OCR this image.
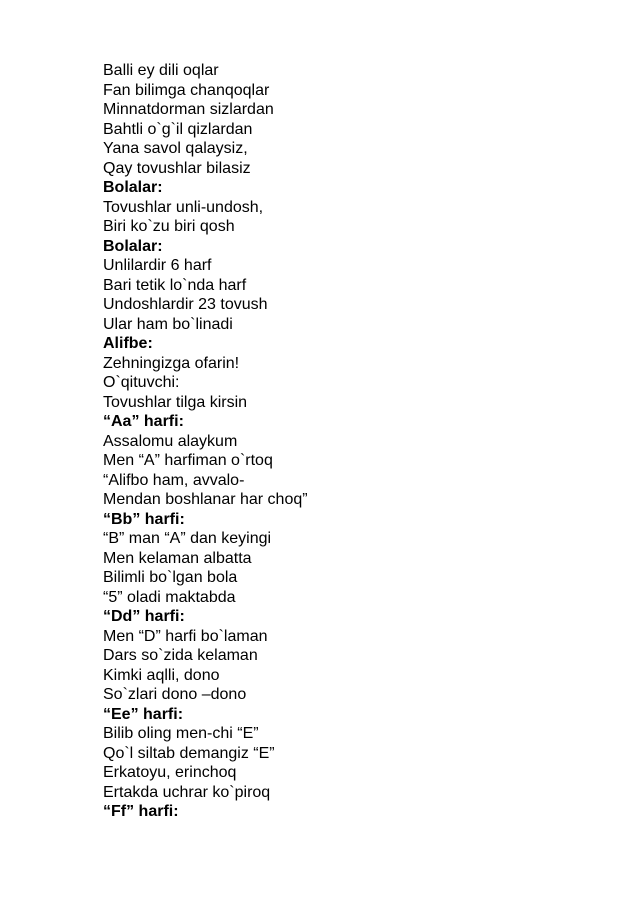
Balli ey dili oqlar
Fan bilimga chanqoqlar
Minnatdorman sizlardan
Bahtli o`g`il qizlardan
Yana savol qalaysiz,
Qay tovushlar bilasiz
Bolalar:
Tovushlar unli-undosh,
Biri ko`zu biri qosh
Bolalar:
Unlilardir 6 harf
Bari tetik lo`nda harf
Undoshlardir 23 tovush
Ular ham bo`linadi
Alifbe:
Zehningizga ofarin!
O`qituvchi:
Tovushlar tilga kirsin
“Aa” harfi:
Assalomu alaykum
Men “A” harfiman o`rtoq
“Alifbo ham, avvalo-
Mendan boshlanar har choq”
“Bb” harfi:
“B” man “A” dan keyingi
Men kelaman albatta
Bilimli bo`lgan bola
“5” oladi maktabda
“Dd” harfi:
Men “D” harfi bo`laman
Dars so`zida kelaman
Kimki aqlli, dono
So`zlari dono –dono
“Ee” harfi:
Bilib oling men-chi “E”
Qo`l siltab demangiz “E”
Erkatoyu, erinchoq
Ertakda uchrar ko`piroq
“Ff” harfi:
